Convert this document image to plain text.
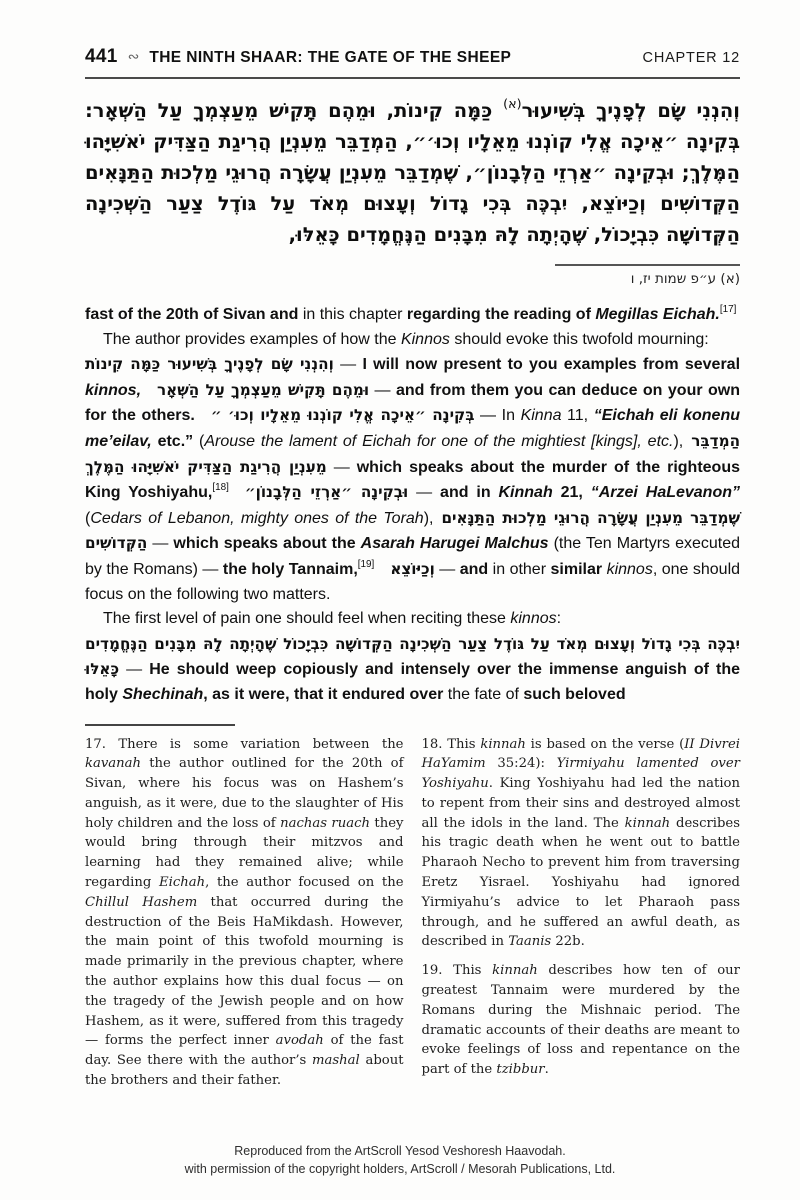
441 ∾ THE NINTH SHAAR: THE GATE OF THE SHEEP	CHAPTER 12
וְהִנְנִי שָׂם לְפָנֶיךָ בְּשִׁיעוּר$^{(א)}$ כַּמָּה קִינוֹת, וּמֵהֶם תָּקִישׁ מֵעַצְמְךָ עַל הַשְּׁאָר: בְּקִינָה ״אֵיכָה אֱלִי קוֹנְנוּ מֵאֵלָיו וְכוּ׳״, הַמְדַבֵּר מֵעִנְיַן הֲרִיגַת הַצַּדִּיק יֹאשִׁיָּהוּ הַמֶּלֶךְ; וּבְקִינָה ״אַרְזֵי הַלְּבָנוֹן״, שֶׁמְדַבֵּר מֵעִנְיַן עֲשָׂרָה הֲרוּגֵי מַלְכוּת הַתַּנָּאִים הַקְּדוֹשִׁים וְכַיּוֹצֵא, יִבְכֶּה בְּכִי גָדוֹל וְעָצוּם מְאֹד עַל גּוֹדֶל צַעַר הַשְּׁכִינָה הַקְּדוֹשָׁה כִּבְיָכוֹל, שֶׁהָיְתָה לָהּ מִבָּנִים הַנֶּחֱמָדִים כָּאֵלּוּ,
(א) ע״פ שמות יז, ו

fast of the 20th of Sivan and in this chapter regarding the reading of Megillas Eichah.[17]

The author provides examples of how the Kinnos should evoke this twofold mourning:

וְהִנְנִי שָׂם לְפָנֶיךָ בְּשִׁיעוּר כַּמָּה קִינוֹת — I will now present to you examples from several kinnos,   וּמֵהֶם תָּקִישׁ מֵעַצְמְךָ עַל הַשְּׁאָר — and from them you can deduce on your own for the others.   בְּקִינָה ״אֵיכָה אֱלִי קוֹנְנוּ מֵאֵלָיו וְכוּ׳ ״ — In Kinna 11, “Eichah eli konenu me’eilav, etc.” (Arouse the lament of Eichah for one of the mightiest [kings], etc.), הַמְדַבֵּר מֵעִנְיַן הֲרִיגַת הַצַּדִּיק יֹאשִׁיָּהוּ הַמֶּלֶךְ — which speaks about the murder of the righteous King Yoshiyahu,[18]   וּבְקִינָה ״אַרְזֵי הַלְּבָנוֹן״ — and in Kinnah 21, “Arzei HaLevanon” (Cedars of Lebanon, mighty ones of the Torah), שֶׁמְדַבֵּר מֵעִנְיַן עֲשָׂרָה הֲרוּגֵי מַלְכוּת הַתַּנָּאִים הַקְּדוֹשִׁים — which speaks about the Asarah Harugei Malchus (the Ten Martyrs executed by the Romans) — the holy Tannaim,[19]   וְכַיּוֹצֵא — and in other similar kinnos, one should focus on the following two matters.

The first level of pain one should feel when reciting these kinnos:

יִבְכֶּה בְּכִי גָדוֹל וְעָצוּם מְאֹד עַל גּוֹדֶל צַעַר הַשְּׁכִינָה הַקְּדוֹשָׁה כִּבְיָכוֹל שֶׁהָיְתָה לָהּ מִבָּנִים הַנֶּחֱמָדִים כָּאֵלּוּ — He should weep copiously and intensely over the immense anguish of the holy Shechinah, as it were, that it endured over the fate of such beloved

17. There is some variation between the kavanah the author outlined for the 20th of Sivan, where his focus was on Hashem’s anguish, as it were, due to the slaughter of His holy children and the loss of nachas ruach they would bring through their mitzvos and learning had they remained alive; while regarding Eichah, the author focused on the Chillul Hashem that occurred during the destruction of the Beis HaMikdash. However, the main point of this twofold mourning is made primarily in the previous chapter, where the author explains how this dual focus — on the tragedy of the Jewish people and on how Hashem, as it were, suffered from this tragedy — forms the perfect inner avodah of the fast day. See there with the author’s mashal about the brothers and their father.

18. This kinnah is based on the verse (II Divrei HaYamim 35:24): Yirmiyahu lamented over Yoshiyahu. King Yoshiyahu had led the nation to repent from their sins and destroyed almost all the idols in the land. The kinnah describes his tragic death when he went out to battle Pharaoh Necho to prevent him from traversing Eretz Yisrael. Yoshiyahu had ignored Yirmiyahu’s advice to let Pharaoh pass through, and he suffered an awful death, as described in Taanis 22b.

19. This kinnah describes how ten of our greatest Tannaim were murdered by the Romans during the Mishnaic period. The dramatic accounts of their deaths are meant to evoke feelings of loss and repentance on the part of the tzibbur.

Reproduced from the ArtScroll Yesod Veshoresh Haavodah.
with permission of the copyright holders, ArtScroll / Mesorah Publications, Ltd.
